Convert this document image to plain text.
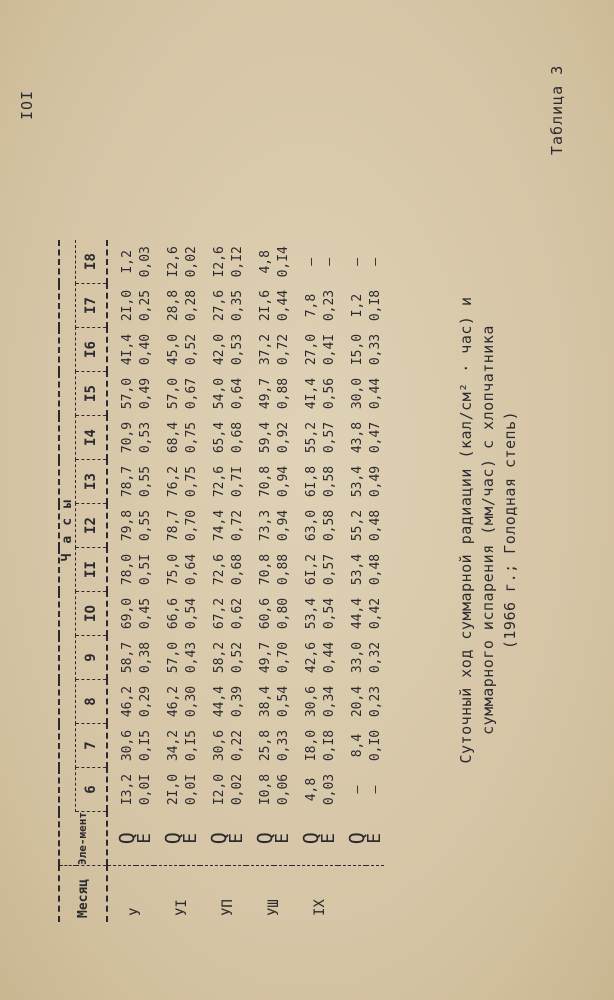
IOI
Суточный ход суммарной радиации (кал/см² · час) и суммарного испарения (мм/час) с хлопчатника (1966 г.; Голодная степь)
Таблица 3
Месяц	Эле-мент	Часы												
		6	7	8	9	IO	II	I2	I3	I4	I5	I6	I7	I8
У	Q	I3,2	30,6	46,2	58,7	69,0	78,0	79,8	78,7	70,9	57,0	4I,4	2I,0	I,2
	E	0,0I	0,I5	0,29	0,38	0,45	0,5I	0,55	0,55	0,53	0,49	0,40	0,25	0,03
УI	Q	2I,0	34,2	46,2	57,0	66,6	75,0	78,7	76,2	68,4	57,0	45,0	28,8	I2,6
	E	0,0I	0,I5	0,30	0,43	0,54	0,64	0,70	0,75	0,75	0,67	0,52	0,28	0,02
УП	Q	I2,0	30,6	44,4	58,2	67,2	72,6	74,4	72,6	65,4	54,0	42,0	27,6	I2,6
	E	0,02	0,22	0,39	0,52	0,62	0,68	0,72	0,7I	0,68	0,64	0,53	0,35	0,I2
УШ	Q	I0,8	25,8	38,4	49,7	60,6	70,8	73,3	70,8	59,4	49,7	37,2	2I,6	4,8
	E	0,06	0,33	0,54	0,70	0,80	0,88	0,94	0,94	0,92	0,88	0,72	0,44	0,I4
IX	Q	4,8	I8,0	30,6	42,6	53,4	6I,2	63,0	6I,8	55,2	4I,4	27,0	7,8	–
	E	0,03	0,I8	0,34	0,44	0,54	0,57	0,58	0,58	0,57	0,56	0,4I	0,23	–
	Q	–	8,4	20,4	33,0	44,4	53,4	55,2	53,4	43,8	30,0	I5,0	I,2	–
	E	–	0,I0	0,23	0,32	0,42	0,48	0,48	0,49	0,47	0,44	0,33	0,I8	–
